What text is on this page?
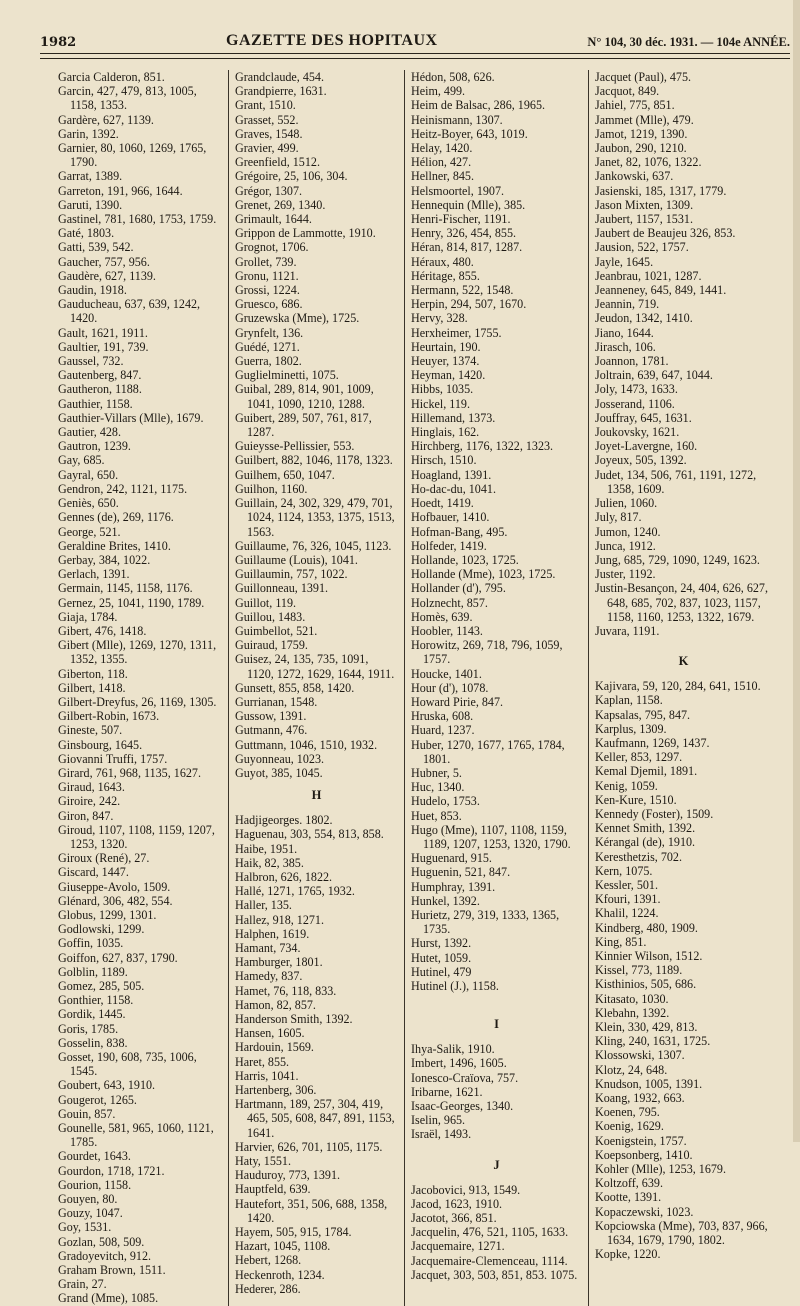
1982	GAZETTE DES HOPITAUX	N° 104, 30 déc. 1931. — 104e ANNÉE.
Garcia Calderon, 851.
Garcin, 427, 479, 813, 1005, 1158, 1353.
Gardère, 627, 1139.
Garin, 1392.
Garnier, 80, 1060, 1269, 1765, 1790.
Garrat, 1389.
Garreton, 191, 966, 1644.
Garuti, 1390.
Gastinel, 781, 1680, 1753, 1759.
Gaté, 1803.
Gatti, 539, 542.
Gaucher, 757, 956.
Gaudère, 627, 1139.
Gaudin, 1918.
Gauducheau, 637, 639, 1242, 1420.
Gault, 1621, 1911.
Gaultier, 191, 739.
Gaussel, 732.
Gautenberg, 847.
Gautheron, 1188.
Gauthier, 1158.
Gauthier-Villars (Mlle), 1679.
Gautier, 428.
Gautron, 1239.
Gay, 685.
Gayral, 650.
Gendron, 242, 1121, 1175.
Geniès, 650.
Gennes (de), 269, 1176.
George, 521.
Geraldine Brites, 1410.
Gerbay, 384, 1022.
Gerlach, 1391.
Germain, 1145, 1158, 1176.
Gernez, 25, 1041, 1190, 1789.
Giaja, 1784.
Gibert, 476, 1418.
Gibert (Mlle), 1269, 1270, 1311, 1352, 1355.
Giberton, 118.
Gilbert, 1418.
Gilbert-Dreyfus, 26, 1169, 1305.
Gilbert-Robin, 1673.
Gineste, 507.
Ginsbourg, 1645.
Giovanni Truffi, 1757.
Girard, 761, 968, 1135, 1627.
Giraud, 1643.
Giroire, 242.
Giron, 847.
Giroud, 1107, 1108, 1159, 1207, 1253, 1320.
Giroux (René), 27.
Giscard, 1447.
Giuseppe-Avolo, 1509.
Glénard, 306, 482, 554.
Globus, 1299, 1301.
Godlowski, 1299.
Goffin, 1035.
Goiffon, 627, 837, 1790.
Golblin, 1189.
Gomez, 285, 505.
Gonthier, 1158.
Gordik, 1445.
Goris, 1785.
Gosselin, 838.
Gosset, 190, 608, 735, 1006, 1545.
Goubert, 643, 1910.
Gougerot, 1265.
Gouin, 857.
Gounelle, 581, 965, 1060, 1121, 1785.
Gourdet, 1643.
Gourdon, 1718, 1721.
Gourion, 1158.
Gouyen, 80.
Gouzy, 1047.
Goy, 1531.
Gozlan, 508, 509.
Gradoyevitch, 912.
Graham Brown, 1511.
Grain, 27.
Grand (Mme), 1085.
Grandclaude, 454.
Grandpierre, 1631.
Grant, 1510.
Grasset, 552.
Graves, 1548.
Gravier, 499.
Greenfield, 1512.
Grégoire, 25, 106, 304.
Grégor, 1307.
Grenet, 269, 1340.
Grimault, 1644.
Grippon de Lammotte, 1910.
Grognot, 1706.
Grollet, 739.
Gronu, 1121.
Grossi, 1224.
Gruesco, 686.
Gruzewska (Mme), 1725.
Grynfelt, 136.
Guédé, 1271.
Guerra, 1802.
Guglielminetti, 1075.
Guibal, 289, 814, 901, 1009, 1041, 1090, 1210, 1288.
Guibert, 289, 507, 761, 817, 1287.
Guieysse-Pellissier, 553.
Guilbert, 882, 1046, 1178, 1323.
Guilhem, 650, 1047.
Guilhon, 1160.
Guillain, 24, 302, 329, 479, 701, 1024, 1124, 1353, 1375, 1513, 1563.
Guillaume, 76, 326, 1045, 1123.
Guillaume (Louis), 1041.
Guillaumin, 757, 1022.
Guillonneau, 1391.
Guillot, 119.
Guillou, 1483.
Guimbellot, 521.
Guiraud, 1759.
Guisez, 24, 135, 735, 1091, 1120, 1272, 1629, 1644, 1911.
Gunsett, 855, 858, 1420.
Gurrianan, 1548.
Gussow, 1391.
Gutmann, 476.
Guttmann, 1046, 1510, 1932.
Guyonneau, 1023.
Guyot, 385, 1045.
H
Hadjigeorges. 1802.
Haguenau, 303, 554, 813, 858.
Haibe, 1951.
Haik, 82, 385.
Halbron, 626, 1822.
Hallé, 1271, 1765, 1932.
Haller, 135.
Hallez, 918, 1271.
Halphen, 1619.
Hamant, 734.
Hamburger, 1801.
Hamedy, 837.
Hamet, 76, 118, 833.
Hamon, 82, 857.
Handerson Smith, 1392.
Hansen, 1605.
Hardouin, 1569.
Haret, 855.
Harris, 1041.
Hartenberg, 306.
Hartmann, 189, 257, 304, 419, 465, 505, 608, 847, 891, 1153, 1641.
Harvier, 626, 701, 1105, 1175.
Haty, 1551.
Hauduroy, 773, 1391.
Hauptfeld, 639.
Hautefort, 351, 506, 688, 1358, 1420.
Hayem, 505, 915, 1784.
Hazart, 1045, 1108.
Hebert, 1268.
Heckenroth, 1234.
Hederer, 286.
Hédon, 508, 626.
Heim, 499.
Heim de Balsac, 286, 1965.
Heinismann, 1307.
Heitz-Boyer, 643, 1019.
Helay, 1420.
Hélion, 427.
Hellner, 845.
Helsmoortel, 1907.
Hennequin (Mlle), 385.
Henri-Fischer, 1191.
Henry, 326, 454, 855.
Héran, 814, 817, 1287.
Héraux, 480.
Héritage, 855.
Hermann, 522, 1548.
Herpin, 294, 507, 1670.
Hervy, 328.
Herxheimer, 1755.
Heurtain, 190.
Heuyer, 1374.
Heyman, 1420.
Hibbs, 1035.
Hickel, 119.
Hillemand, 1373.
Hinglais, 162.
Hirchberg, 1176, 1322, 1323.
Hirsch, 1510.
Hoagland, 1391.
Ho-dac-du, 1041.
Hoedt, 1419.
Hofbauer, 1410.
Hofman-Bang, 495.
Holfeder, 1419.
Hollande, 1023, 1725.
Hollande (Mme), 1023, 1725.
Hollander (d'), 795.
Holznecht, 857.
Homès, 639.
Hoobler, 1143.
Horowitz, 269, 718, 796, 1059, 1757.
Houcke, 1401.
Hour (d'), 1078.
Howard Pirie, 847.
Hruska, 608.
Huard, 1237.
Huber, 1270, 1677, 1765, 1784, 1801.
Hubner, 5.
Huc, 1340.
Hudelo, 1753.
Huet, 853.
Hugo (Mme), 1107, 1108, 1159, 1189, 1207, 1253, 1320, 1790.
Huguenard, 915.
Huguenin, 521, 847.
Humphray, 1391.
Hunkel, 1392.
Hurietz, 279, 319, 1333, 1365, 1735.
Hurst, 1392.
Hutet, 1059.
Hutinel, 479
Hutinel (J.), 1158.
I
Ihya-Salik, 1910.
Imbert, 1496, 1605.
Ionesco-Craïova, 757.
Iribarne, 1621.
Isaac-Georges, 1340.
Iselin, 965.
Israël, 1493.
J
Jacobovici, 913, 1549.
Jacod, 1623, 1910.
Jacotot, 366, 851.
Jacquelin, 476, 521, 1105, 1633.
Jacquemaire, 1271.
Jacquemaire-Clemenceau, 1114.
Jacquet, 303, 503, 851, 853. 1075.
Jacquet (Paul), 475.
Jacquot, 849.
Jahiel, 775, 851.
Jammet (Mlle), 479.
Jamot, 1219, 1390.
Jaubon, 290, 1210.
Janet, 82, 1076, 1322.
Jankowski, 637.
Jasienski, 185, 1317, 1779.
Jason Mixten, 1309.
Jaubert, 1157, 1531.
Jaubert de Beaujeu 326, 853.
Jausion, 522, 1757.
Jayle, 1645.
Jeanbrau, 1021, 1287.
Jeanneney, 645, 849, 1441.
Jeannin, 719.
Jeudon, 1342, 1410.
Jiano, 1644.
Jirasch, 106.
Joannon, 1781.
Joltrain, 639, 647, 1044.
Joly, 1473, 1633.
Josserand, 1106.
Jouffray, 645, 1631.
Joukovsky, 1621.
Joyet-Lavergne, 160.
Joyeux, 505, 1392.
Judet, 134, 506, 761, 1191, 1272, 1358, 1609.
Julien, 1060.
July, 817.
Jumon, 1240.
Junca, 1912.
Jung, 685, 729, 1090, 1249, 1623.
Juster, 1192.
Justin-Besançon, 24, 404, 626, 627, 648, 685, 702, 837, 1023, 1157, 1158, 1160, 1253, 1322, 1679.
Juvara, 1191.
K
Kajivara, 59, 120, 284, 641, 1510.
Kaplan, 1158.
Kapsalas, 795, 847.
Karplus, 1309.
Kaufmann, 1269, 1437.
Keller, 853, 1297.
Kemal Djemil, 1891.
Kenig, 1059.
Ken-Kure, 1510.
Kennedy (Foster), 1509.
Kennet Smith, 1392.
Kérangal (de), 1910.
Keresthetzis, 702.
Kern, 1075.
Kessler, 501.
Kfouri, 1391.
Khalil, 1224.
Kindberg, 480, 1909.
King, 851.
Kinnier Wilson, 1512.
Kissel, 773, 1189.
Kisthinios, 505, 686.
Kitasato, 1030.
Klebahn, 1392.
Klein, 330, 429, 813.
Kling, 240, 1631, 1725.
Klossowski, 1307.
Klotz, 24, 648.
Knudson, 1005, 1391.
Koang, 1932, 663.
Koenen, 795.
Koenig, 1629.
Koenigstein, 1757.
Koepsonberg, 1410.
Kohler (Mlle), 1253, 1679.
Koltzoff, 639.
Kootte, 1391.
Kopaczewski, 1023.
Kopciowska (Mme), 703, 837, 966, 1634, 1679, 1790, 1802.
Kopke, 1220.
